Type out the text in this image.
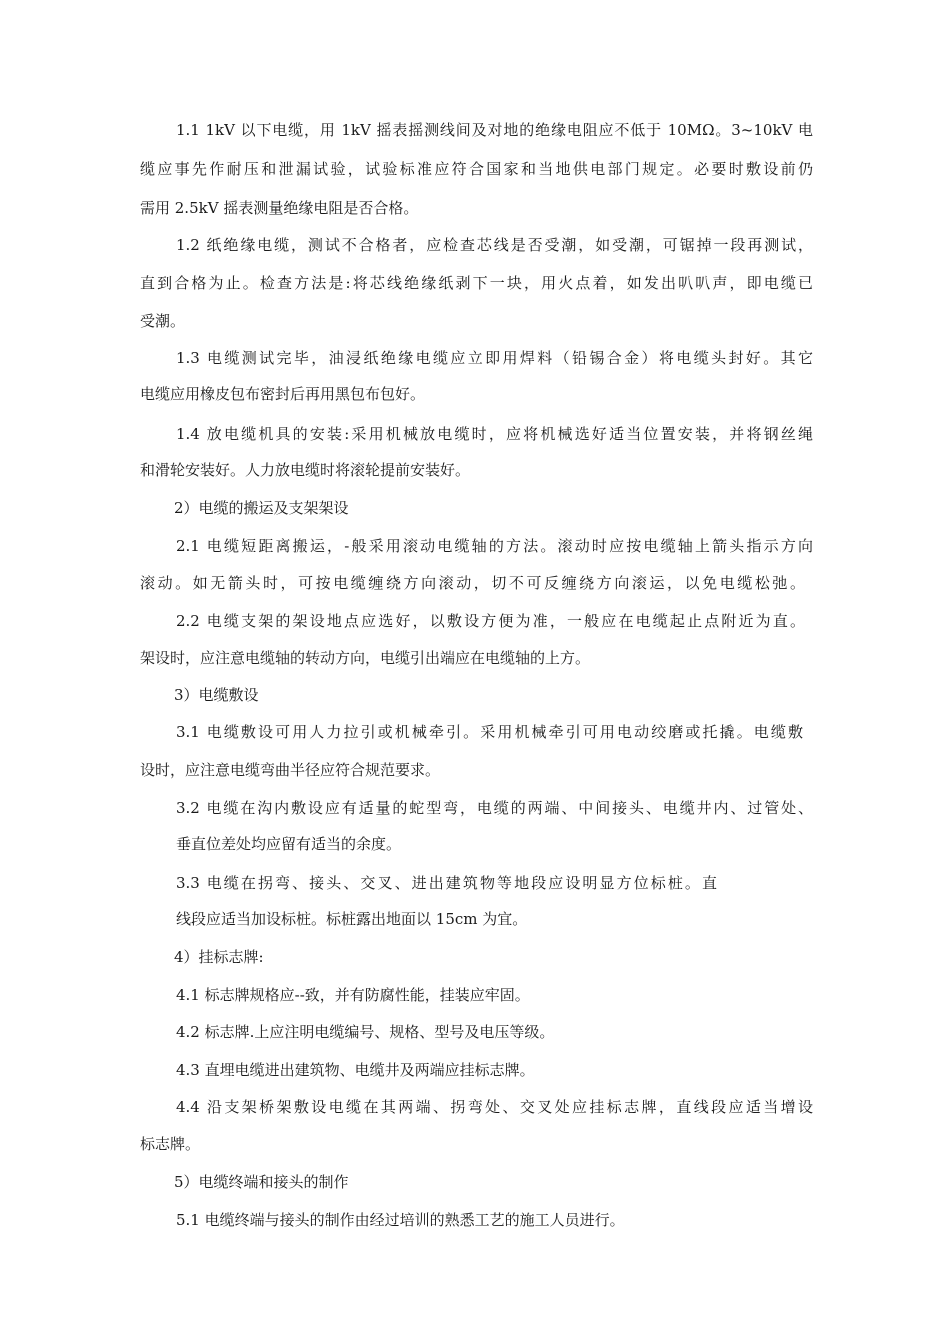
1.1 1kV 以下电缆，用 1kV 摇表摇测线间及对地的绝缘电阻应不低于 10MΩ。3~10kV 电
缆应事先作耐压和泄漏试验，试验标准应符合国家和当地供电部门规定。必要时敷设前仍
需用 2.5kV 摇表测量绝缘电阻是否合格。
1.2 纸绝缘电缆，测试不合格者，应检查芯线是否受潮，如受潮，可锯掉一段再测试，
直到合格为止。检查方法是:将芯线绝缘纸剥下一块，用火点着，如发出叭叭声，即电缆已
受潮。
1.3 电缆测试完毕，油浸纸绝缘电缆应立即用焊料（铅锡合金）将电缆头封好。其它
电缆应用橡皮包布密封后再用黑包布包好。
1.4 放电缆机具的安装:采用机械放电缆时，应将机械选好适当位置安装，并将钢丝绳
和滑轮安装好。人力放电缆时将滚轮提前安装好。
2）电缆的搬运及支架架设
2.1 电缆短距离搬运，-般采用滚动电缆轴的方法。滚动时应按电缆轴上箭头指示方向
滚动。如无箭头时，可按电缆缠绕方向滚动，切不可反缠绕方向滚运，以免电缆松弛。
2.2 电缆支架的架设地点应选好，以敷设方便为准，一般应在电缆起止点附近为直。
架设时，应注意电缆轴的转动方向，电缆引出端应在电缆轴的上方。
3）电缆敷设
3.1 电缆敷设可用人力拉引或机械牵引。采用机械牵引可用电动绞磨或托撬。电缆敷
设时，应注意电缆弯曲半径应符合规范要求。
3.2 电缆在沟内敷设应有适量的蛇型弯，电缆的两端、中间接头、电缆井内、过管处、
垂直位差处均应留有适当的余度。
3.3 电缆在拐弯、接头、交叉、进出建筑物等地段应设明显方位标桩。直
线段应适当加设标桩。标桩露出地面以 15cm 为宜。
4）挂标志牌:
4.1 标志牌规格应--致，并有防腐性能，挂装应牢固。
4.2 标志牌.上应注明电缆编号、规格、型号及电压等级。
4.3 直埋电缆进出建筑物、电缆井及两端应挂标志牌。
4.4 沿支架桥架敷设电缆在其两端、拐弯处、交叉处应挂标志牌，直线段应适当增设
标志牌。
5）电缆终端和接头的制作
5.1 电缆终端与接头的制作由经过培训的熟悉工艺的施工人员进行。
